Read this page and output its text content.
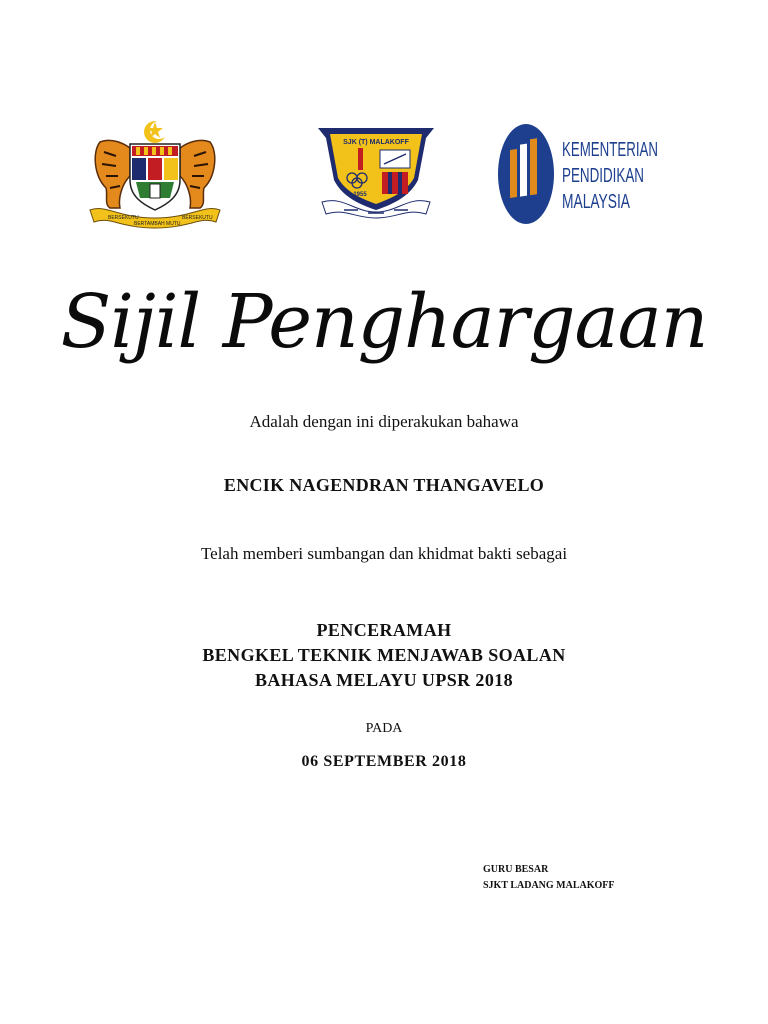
BERSEKUTU
BERTAMBAH MUTU
BERSEKUTU
SJK (T) MALAKOFF
1955
KEMENTERIAN
PENDIDIKAN
MALAYSIA
Sijil Penghargaan
Adalah dengan ini diperakukan bahawa
ENCIK NAGENDRAN THANGAVELO
Telah memberi sumbangan dan khidmat bakti sebagai
PENCERAMAH
BENGKEL TEKNIK MENJAWAB SOALAN
BAHASA MELAYU UPSR 2018
PADA
06 SEPTEMBER 2018
GURU BESAR
SJKT LADANG MALAKOFF
